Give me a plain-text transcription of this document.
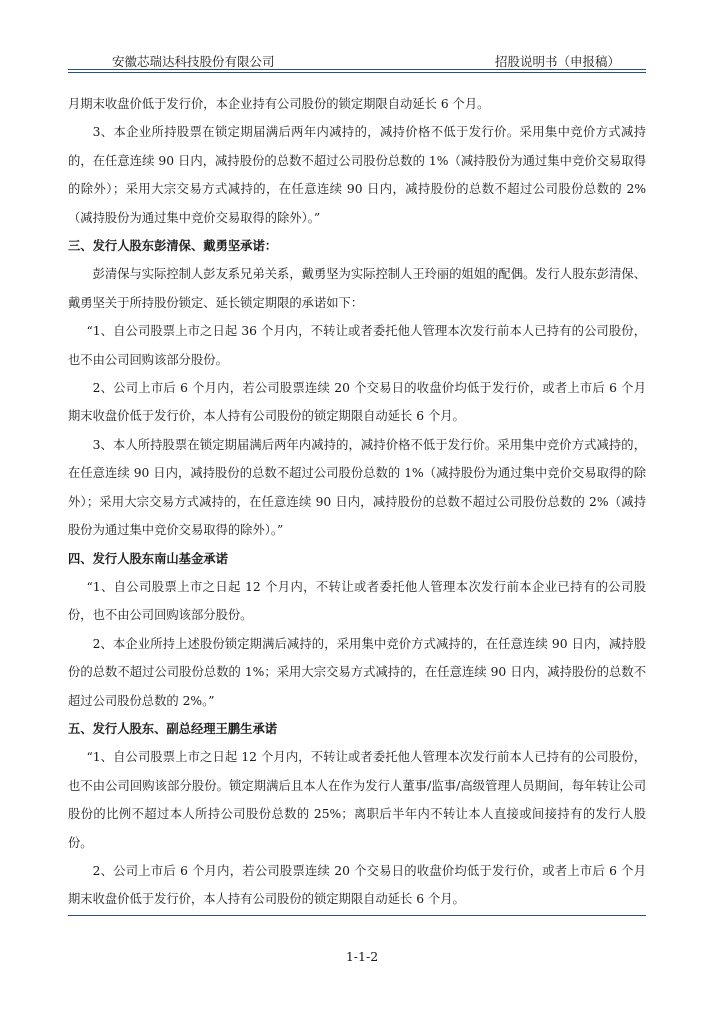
安徽芯瑞达科技股份有限公司	招股说明书（申报稿）

月期末收盘价低于发行价，本企业持有公司股份的锁定期限自动延长 6 个月。

3、本企业所持股票在锁定期届满后两年内减持的，减持价格不低于发行价。采用集中竞价方式减持的，在任意连续 90 日内，减持股份的总数不超过公司股份总数的 1%（减持股份为通过集中竞价交易取得的除外）；采用大宗交易方式减持的，在任意连续 90 日内，减持股份的总数不超过公司股份总数的 2%（减持股份为通过集中竞价交易取得的除外）。”

三、发行人股东彭清保、戴勇坚承诺：

彭清保与实际控制人彭友系兄弟关系，戴勇坚为实际控制人王玲丽的姐姐的配偶。发行人股东彭清保、戴勇坚关于所持股份锁定、延长锁定期限的承诺如下：

“1、自公司股票上市之日起 36 个月内，不转让或者委托他人管理本次发行前本人已持有的公司股份，也不由公司回购该部分股份。

2、公司上市后 6 个月内，若公司股票连续 20 个交易日的收盘价均低于发行价，或者上市后 6 个月期末收盘价低于发行价，本人持有公司股份的锁定期限自动延长 6 个月。

3、本人所持股票在锁定期届满后两年内减持的，减持价格不低于发行价。采用集中竞价方式减持的，在任意连续 90 日内，减持股份的总数不超过公司股份总数的 1%（减持股份为通过集中竞价交易取得的除外）；采用大宗交易方式减持的，在任意连续 90 日内，减持股份的总数不超过公司股份总数的 2%（减持股份为通过集中竞价交易取得的除外）。”

四、发行人股东南山基金承诺

“1、自公司股票上市之日起 12 个月内，不转让或者委托他人管理本次发行前本企业已持有的公司股份，也不由公司回购该部分股份。

2、本企业所持上述股份锁定期满后减持的，采用集中竞价方式减持的，在任意连续 90 日内，减持股份的总数不超过公司股份总数的 1%；采用大宗交易方式减持的，在任意连续 90 日内，减持股份的总数不超过公司股份总数的 2%。”

五、发行人股东、副总经理王鹏生承诺

“1、自公司股票上市之日起 12 个月内，不转让或者委托他人管理本次发行前本人已持有的公司股份，也不由公司回购该部分股份。锁定期满后且本人在作为发行人董事/监事/高级管理人员期间，每年转让公司股份的比例不超过本人所持公司股份总数的 25%；离职后半年内不转让本人直接或间接持有的发行人股份。

2、公司上市后 6 个月内，若公司股票连续 20 个交易日的收盘价均低于发行价，或者上市后 6 个月期末收盘价低于发行价，本人持有公司股份的锁定期限自动延长 6 个月。

1-1-2
